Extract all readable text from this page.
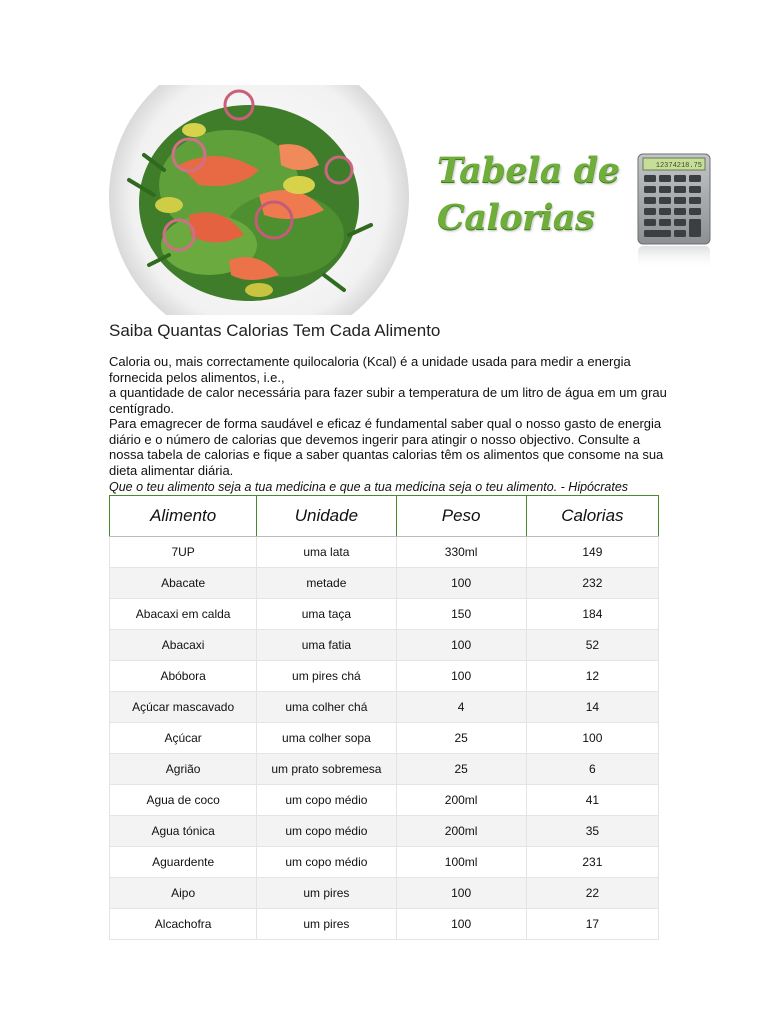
Tabela de
Calorias
12374218.75
Saiba Quantas Calorias Tem Cada Alimento

Caloria ou, mais correctamente quilocaloria (Kcal) é a unidade usada para medir a energia fornecida pelos alimentos, i.e.,

a quantidade de calor necessária para fazer subir a temperatura de um litro de água em um grau centígrado.

Para emagrecer de forma saudável e eficaz é fundamental saber qual o nosso gasto de energia diário e o número de calorias que devemos ingerir para atingir o nosso objectivo. Consulte a nossa tabela de calorias e fique a saber quantas calorias têm os alimentos que consome na sua dieta alimentar diária.

Que o teu alimento seja a tua medicina e que a tua medicina seja o teu alimento. - Hipócrates
Alimento	Unidade	Peso	Calorias
7UP	uma lata	330ml	149
Abacate	metade	100	232
Abacaxi em calda	uma taça	150	184
Abacaxi	uma fatia	100	52
Abóbora	um pires chá	100	12
Açúcar mascavado	uma colher chá	4	14
Açúcar	uma colher sopa	25	100
Agrião	um prato sobremesa	25	6
Agua de coco	um copo médio	200ml	41
Agua tónica	um copo médio	200ml	35
Aguardente	um copo médio	100ml	231
Aipo	um pires	100	22
Alcachofra	um pires	100	17
